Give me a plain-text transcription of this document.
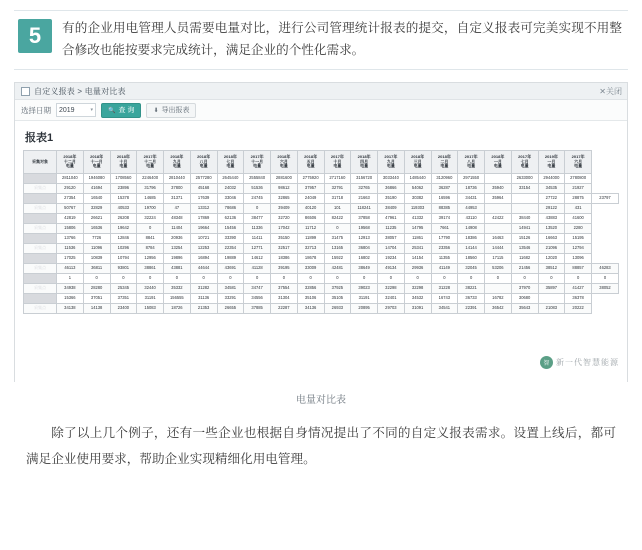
5	有的企业用电管理人员需要电量对比，进行公司管理统计报表的提交，自定义报表可完美实现不用整合修改也能按要求完成统计，满足企业的个性化需求。
自定义报表 > 电量对比表	✕关闭
选择日期 2019	▾	🔍 查 询	⬇ 导出报表
报表1
采集对象	2018年
十二月
电量	2018年
十一月
电量	2018年
十月
电量	2017年
十二月
电量	2018年
九月
电量	2018年
八月
电量	2018年
七月
电量	2017年
十一月
电量	2018年
六月
电量	2018年
五月
电量	2017年
十月
电量	2018年
四月
电量	2017年
九月
电量	2018年
三月
电量	2018年
二月
电量	2017年
八月
电量	2018年
一月
电量	2017年
七月
电量	2019年
一月
电量	2017年
六月
电量	
采集点	2811040	1946080	1708560	2246400	2810440	2577280	2645440	2555840	2881600	2775920	2717160	3156720	3033440	1485440	3120960	2971550		2633000	2944000	2780800	
采集点	29120	41694	23896	31796	37800	45168	24032	51536	98612	37957	32791	32765	36866	54062	36287	18736	35940	33154	34535	21927	
采集点	27354	16540	15378	14685	31371	17639	33046	24745	32865	24049	31718	21663	35190	30382	16596	34431	35964		27722	28875	23797
采集点	50767	32829	40533	19700	47	13312	78686	0	39409	40120	101	118241	38409	119303	88385	44953			29122	431	
采集点	42819	26621	26208	32224	48348	17869	62136	38477	32720	86506	82422	37858	47961	41332	39174	43110	42422	38440	43883	41600	
采集点	15806	16536	19642	0	11404	19664	15456	11336	17042	11712	0	19568	11235	14795	7661	14908		14941	13520	2280	
采集点	13766	7726	12846	8841	20936	10721	33390	11411	35150	11899	31475	12913	38057	11861	17790	18386	16463	15126	16663	15195	
采集点	11536	11096	10296	8784	13254	12253	22354	12771	32517	32713	13165	36804	14704	25341	23356	14144	14444	13546	21096	12794	
采集点	17025	10839	10794	12956	19896	16894	19889	14612	18386	18678	15922	16802	19234	14154	11355	18560	17115	11682	12020	13096	
采集点	46113	36811	93801	38861	43881	44644	43691	41128	39195	33009	42481	38649	49134	29936	41149	32045	53206	21456	38512	88857	46283
采集点	1	0	0	0	0	0	0	0	0	0	0	0	0	0	0	0	0	0	0	0	0
采集点	34938	28280	25345	32440	35332	31282	34581	34747	37554	32856	37925	39023	32298	32298	31228	38221		37970	35897	41427	38052
采集点	15366	37051	37351	31191	156555	31136	33291	34556	31304	35106	35105	31191	32401	34532	16743	36733	16782	30680		36378	
采集点	34138	14138	23400	15083	18726	21353	26655	37885	22287	34136	26933	20895	29703	31091	34541	22391	36542	35643	21083	20222	
智 新一代智慧能源
电量对比表
除了以上几个例子，还有一些企业也根据自身情况提出了不同的自定义报表需求。设置上线后，都可满足企业使用要求，帮助企业实现精细化用电管理。
